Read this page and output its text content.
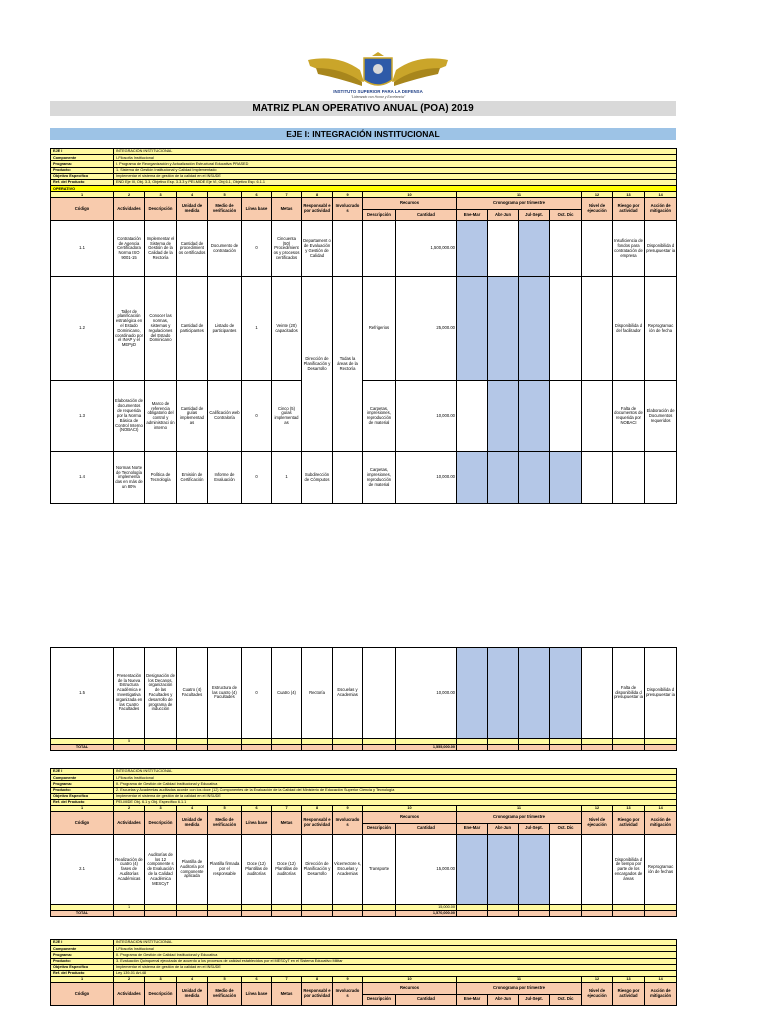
INSTITUTO SUPERIOR PARA LA DEFENSA
"Liderando con Honor y Excelencia"
MATRIZ PLAN OPERATIVO ANUAL (POA) 2019
EJE I: INTEGRACIÓN INSTITUCIONAL
EJE I	INTEGRACIÓN INSTITUCIONAL																
Componente	I-Filosofía Institucional																
Programa:	I. Programa de Reorganización y Actualización Estructural Educativa PRASED																
Producto:	1. Sistema de Gestión Institucional y Calidad Implementado																
Objetivo Específico	Implementar el sistema de gestión de la calidad en el INSUDE																
Ref. del Producto	END Eje III, Obj. 3.3, Objetivo Esp. 3.3.3 y PEI-MIDE Eje VI, Obj 6.1, Objetivo Esp. 6.1.1																
OPERATIVO																	
1	2	3	4	5	6	7	8	9	10		11				12	13	14
Código	Actividades	Descripción	Unidad de medida	Medio de verificación	Línea base	Metas	Responsabl e por actividad	Involucrado s	Recursos		Cronograma por trimestre				Nivel de ejecución	Riesgo por actividad	Acción de mitigación
									Descripción	Cantidad	Ene-Mar	Abr-Jun	Jul-Sept.	Oct. Dic			
1.1	Contratación de Agencia Certificadora Norma ISO 9001-15	Implementar el Sistema de Gestión de la Calidad de la Rectoría	Cantidad de procedimient os certificados	Documento de contratación	0	Cincuenta (50) Procedimient os y procesos certificados	Departament o de Evaluación y Gestión de Calidad			1,500,000.00						Insuficiencia de fondos para contratación de empresa	Disponibilida d presupuestar ia
1.2	Taller de planificación estratégica en el Estado Dominicano, coordinado por el INAP y el MEPyD	Conocer las normas, sistemas y regulaciones del Estado Dominicano	Cantidad de participantes	Listado de participantes	1	Veinte (20) capacitados	Dirección de Planificación y Desarrollo	Todas la áreas de la Rectoría	Refrigerios	25,000.00						Disponibilida d del facilitador	Reprogramac ión de fecha
1.3	Elaboración de documentos de requerida por la Norma Básica de Control Interno (NOBACI)	Marco de referencia obligatorio del control y administraci ón interno	Cantidad de guías implementad as	Calificación web Contraloría	0	Cinco (5) guías implementad as			Carpetas, impresiones, reproducción de material	10,000.00						Falta de documentos de requerida por NOBACI	Elaboración de Documentos requeridos
1.4	Normas Norte de Tecnología implementa das en más de un 80%	Política de Tecnología	Emisión de Certificación	Informe de Evaluación	0	1	Subdirección de Cómputos		Carpetas, impresiones, reproducción de material	10,000.00							
1.5	Presentación de la Nueva Estructura Académica e Investigativa organizada en las Cuatro Facultades	Designación de los Decanos, organización de las Facultades y desarrollo de programa de inducción	Cuatro (4) Facultades	Estructura de las cuatro (4) Facultades	0	Cuatro (4)	Rectoría	Escuelas y Academias		10,000.00						Falta de disponibilida d presupuestar ia	Disponibilida d presupuestar ia
	5																
TOTAL										1,555,000.00							
EJE I	INTEGRACIÓN INSTITUCIONAL																
Componente	I-Filosofía Institucional																
Programa:	II. Programa de Gestión de Calidad Institucional y Educativa																
Producto:	2. Escuelas y Academias auditadas acorde con los doce (12) Componentes de la Evaluación de la Calidad del Ministerio de Educación Superior Ciencia y Tecnología																
Objetivo Específico	Implementar el sistema de gestión de la calidad en el INSUDE																
Ref. del Producto	PEI-MIDE Obj. 6.1 y Obj. Específico 6.1.1																
1	2	3	4	5	6	7	8	9	10		11				12	13	14
Código	Actividades	Descripción	Unidad de medida	Medio de verificación	Línea base	Metas	Responsabl e por actividad	Involucrado s	Recursos		Cronograma por trimestre				Nivel de ejecución	Riesgo por actividad	Acción de mitigación
									Descripción	Cantidad	Ene-Mar	Abr-Jun	Jul-Sept.	Oct. Dic			
2.1	Realización de cuatro (4) fases de Auditorías Académicas	Auditorías de los 12 componente s de Evaluación de la Calidad Académica MESCyT	Plantilla de Auditoría por componente aplicada	Plantilla firmada por el responsable	Doce (12) Plantillas de auditorías	Doce (12) Plantillas de auditorías	Dirección de Planificación y Desarrollo	Vicerrectore s, Escuelas y Academias	Transporte	15,000.00						Disponibilida d de tiempo por parte de los encargados de áreas	Reprogramac ión de fechas
	1									15,000.00							
TOTAL										1,570,000.00							
EJE I	INTEGRACIÓN INSTITUCIONAL																
Componente	I-Filosofía Institucional																
Programa:	II. Programa de Gestión de Calidad Institucional y Educativa																
Producto:	3. Evaluación Quinquenal ejecutada de acuerdo a los procesos de calidad establecidos por el MESCyT en el Sistema Educativo Militar																
Objetivo Específico	Implementar el sistema de gestión de la calidad en el INSUDE																
Ref. del Producto	Ley 139-01 Art.48																
1	2	3	4	5	6	7	8	9	10		11				12	13	14
Código	Actividades	Descripción	Unidad de medida	Medio de verificación	Línea base	Metas	Responsabl e por actividad	Involucrado s	Recursos		Cronograma por trimestre				Nivel de ejecución	Riesgo por actividad	Acción de mitigación
									Descripción	Cantidad	Ene-Mar	Abr-Jun	Jul-Sept.	Oct. Dic			
